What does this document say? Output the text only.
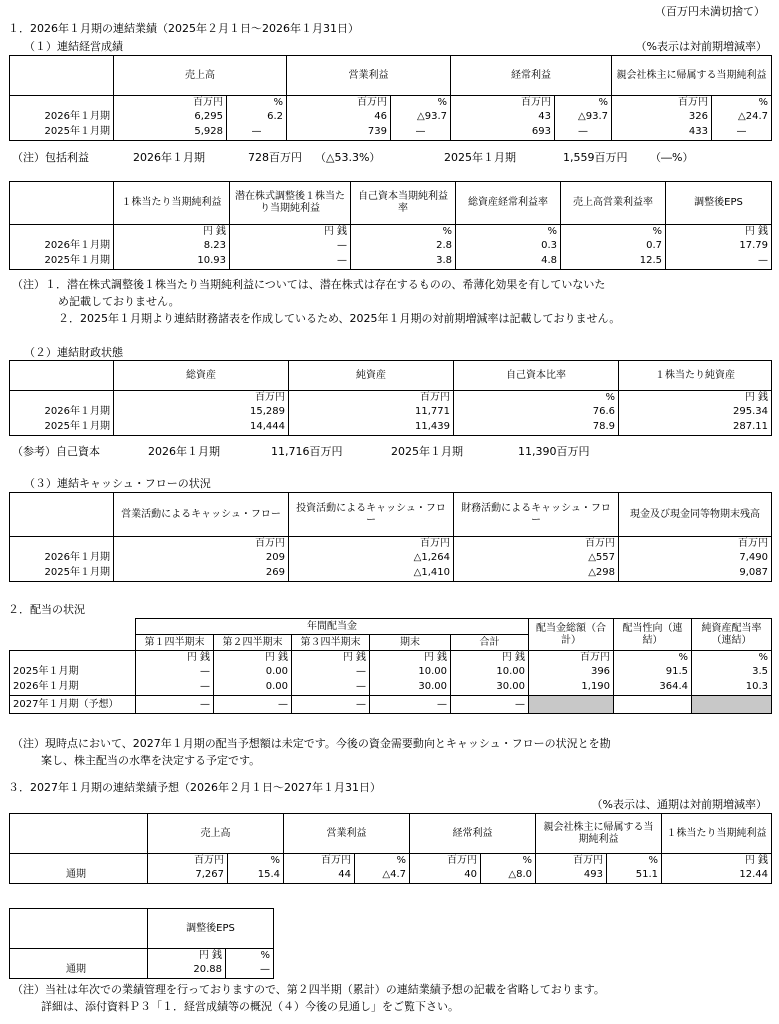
（百万円未満切捨て）
１．2026年１月期の連結業績（2025年２月１日～2026年１月31日）
（１）連結経営成績	（%表示は対前期増減率）
	売上高		営業利益		経常利益		親会社株主に帰属する当期純利益	
	百万円	%	百万円	%	百万円	%	百万円	%
2026年１月期	6,295	6.2	46	△93.7	43	△93.7	326	△24.7
2025年１月期	5,928	—	739	—	693	—	433	—
（注）包括利益	2026年１月期	728百万円 （△53.3%）	2025年１月期	1,559百万円 （―%）
	１株当たり当期純利益	潜在株式調整後１株当たり当期純利益	自己資本当期純利益率	総資産経常利益率	売上高営業利益率	調整後EPS
	円 銭	円 銭	%	%	%	円 銭
2026年１月期	8.23	—	2.8	0.3	0.7	17.79
2025年１月期	10.93	—	3.8	4.8	12.5	—
（注）１．潜在株式調整後１株当たり当期純利益については、潜在株式は存在するものの、希薄化効果を有していないた
め記載しておりません。
２．2025年１月期より連結財務諸表を作成しているため、2025年１月期の対前期増減率は記載しておりません。
（２）連結財政状態
	総資産	純資産	自己資本比率	１株当たり純資産
	百万円	百万円	%	円 銭
2026年１月期	15,289	11,771	76.6	295.34
2025年１月期	14,444	11,439	78.9	287.11
（参考）自己資本	2026年１月期	11,716百万円	2025年１月期	11,390百万円
（３）連結キャッシュ・フローの状況
	営業活動によるキャッシュ・フロー	投資活動によるキャッシュ・フロー	財務活動によるキャッシュ・フロー	現金及び現金同等物期末残高
	百万円	百万円	百万円	百万円
2026年１月期	209	△1,264	△557	7,490
2025年１月期	269	△1,410	△298	9,087
２．配当の状況
	年間配当金					配当金総額（合計）	配当性向（連結）	純資産配当率（連結）
	第１四半期末	第２四半期末	第３四半期末	期末	合計			
	円 銭	円 銭	円 銭	円 銭	円 銭	百万円	%	%
2025年１月期	—	0.00	—	10.00	10.00	396	91.5	3.5
2026年１月期	—	0.00	—	30.00	30.00	1,190	364.4	10.3
2027年１月期（予想）	—	—	—	—	—			
（注）現時点において、2027年１月期の配当予想額は未定です。今後の資金需要動向とキャッシュ・フローの状況とを勘
案し、株主配当の水準を決定する予定です。
３．2027年１月期の連結業績予想（2026年２月１日～2027年１月31日）
（%表示は、通期は対前期増減率）
	売上高		営業利益		経常利益		親会社株主に帰属する当期純利益		１株当たり当期純利益
	百万円	%	百万円	%	百万円	%	百万円	%	円 銭
通期	7,267	15.4	44	△4.7	40	△8.0	493	51.1	12.44
	調整後EPS	
	円 銭	%
通期	20.88	—
（注）当社は年次での業績管理を行っておりますので、第２四半期（累計）の連結業績予想の記載を省略しております。
詳細は、添付資料Ｐ３「１．経営成績等の概況（４）今後の見通し」をご覧下さい。
